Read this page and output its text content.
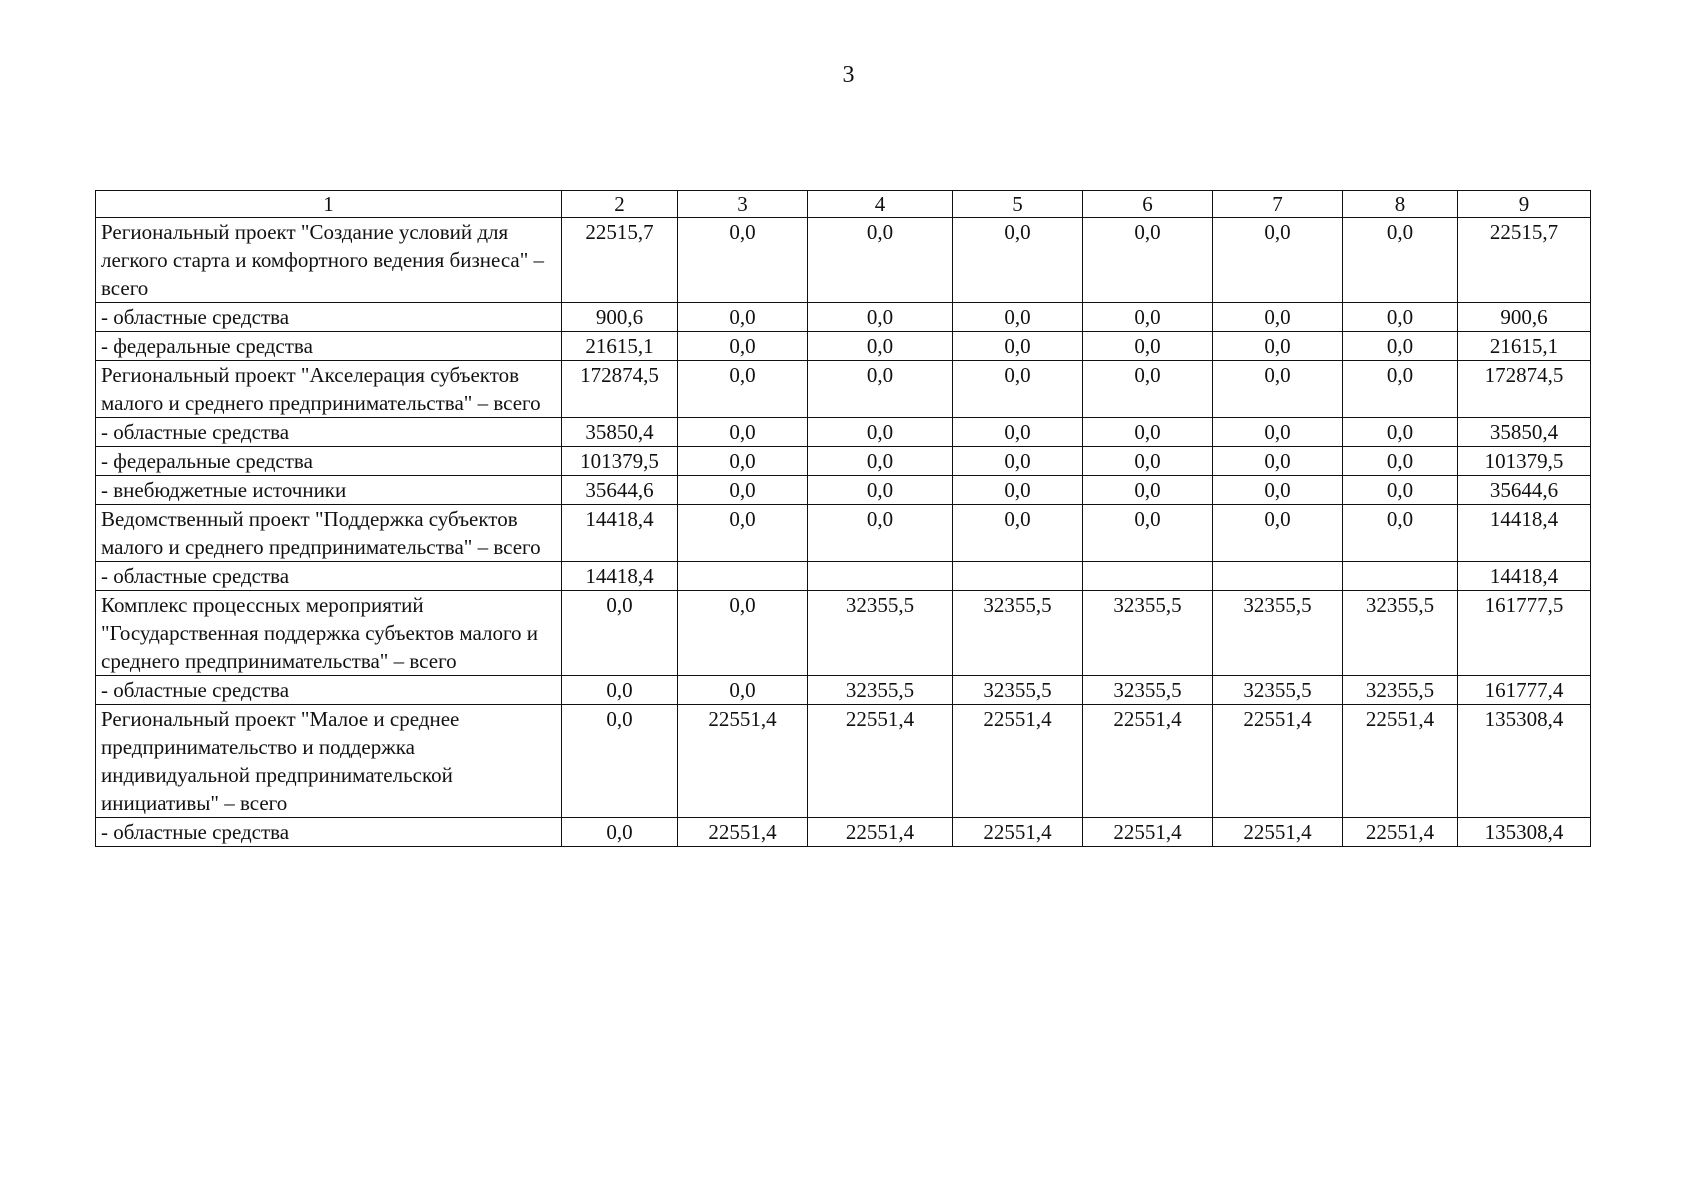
3
1	2	3	4	5	6	7	8	9
Региональный проект "Создание условий для легкого старта и комфортного ведения бизнеса" – всего	22515,7	0,0	0,0	0,0	0,0	0,0	0,0	22515,7
- областные средства	900,6	0,0	0,0	0,0	0,0	0,0	0,0	900,6
- федеральные средства	21615,1	0,0	0,0	0,0	0,0	0,0	0,0	21615,1
Региональный проект "Акселерация субъектов малого и среднего предпринимательства" – всего	172874,5	0,0	0,0	0,0	0,0	0,0	0,0	172874,5
- областные средства	35850,4	0,0	0,0	0,0	0,0	0,0	0,0	35850,4
- федеральные средства	101379,5	0,0	0,0	0,0	0,0	0,0	0,0	101379,5
- внебюджетные источники	35644,6	0,0	0,0	0,0	0,0	0,0	0,0	35644,6
Ведомственный проект "Поддержка субъектов малого и среднего предпринимательства" – всего	14418,4	0,0	0,0	0,0	0,0	0,0	0,0	14418,4
- областные средства	14418,4							14418,4
Комплекс процессных мероприятий "Государственная поддержка субъектов малого и среднего предпринимательства" – всего	0,0	0,0	32355,5	32355,5	32355,5	32355,5	32355,5	161777,5
- областные средства	0,0	0,0	32355,5	32355,5	32355,5	32355,5	32355,5	161777,4
Региональный проект "Малое и среднее предпринимательство и поддержка индивидуальной предпринимательской инициативы" – всего	0,0	22551,4	22551,4	22551,4	22551,4	22551,4	22551,4	135308,4
- областные средства	0,0	22551,4	22551,4	22551,4	22551,4	22551,4	22551,4	135308,4
